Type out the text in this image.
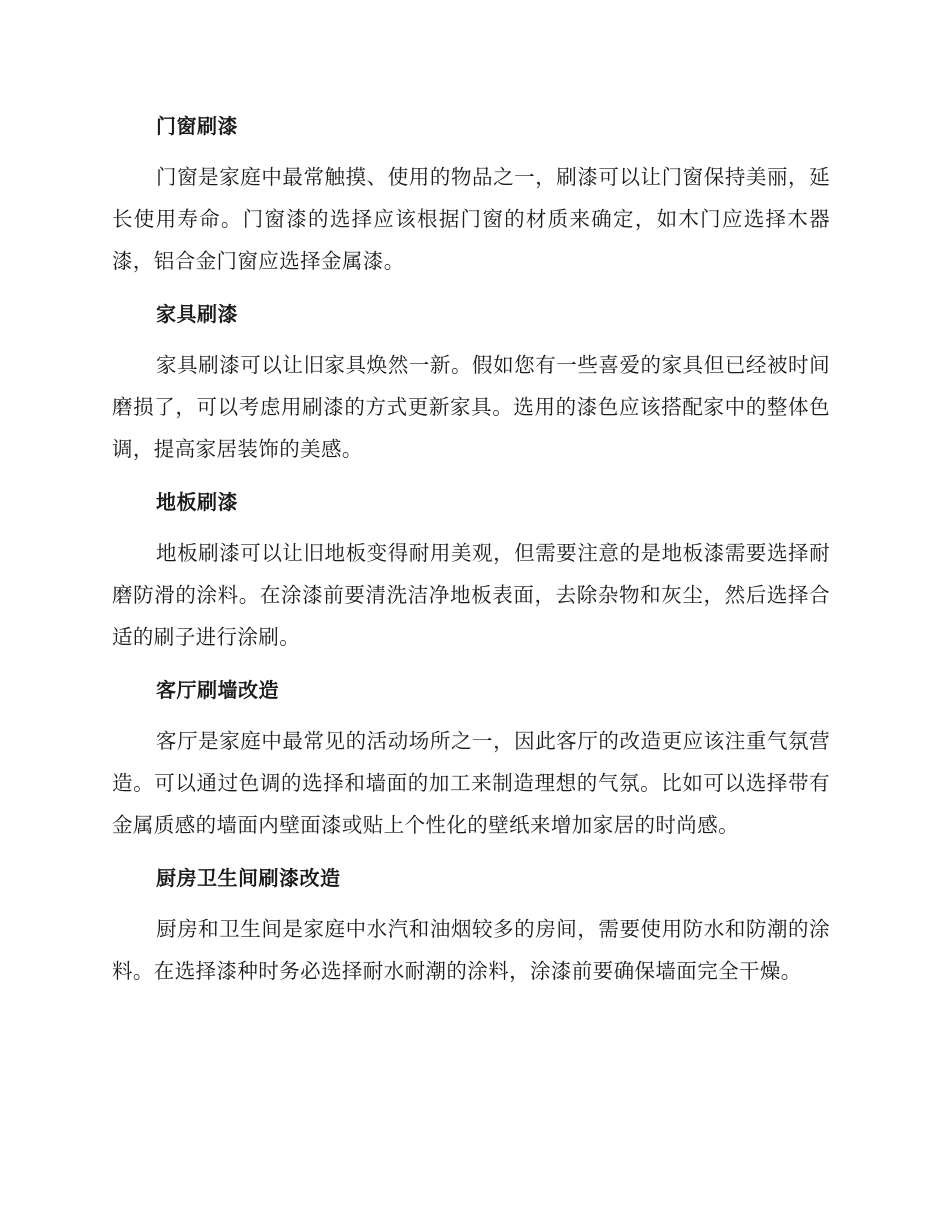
门窗刷漆

门窗是家庭中最常触摸、使用的物品之一，刷漆可以让门窗保持美丽，延长使用寿命。门窗漆的选择应该根据门窗的材质来确定，如木门应选择木器漆，铝合金门窗应选择金属漆。

家具刷漆

家具刷漆可以让旧家具焕然一新。假如您有一些喜爱的家具但已经被时间磨损了，可以考虑用刷漆的方式更新家具。选用的漆色应该搭配家中的整体色调，提高家居装饰的美感。

地板刷漆

地板刷漆可以让旧地板变得耐用美观，但需要注意的是地板漆需要选择耐磨防滑的涂料。在涂漆前要清洗洁净地板表面，去除杂物和灰尘，然后选择合适的刷子进行涂刷。

客厅刷墙改造

客厅是家庭中最常见的活动场所之一，因此客厅的改造更应该注重气氛营造。可以通过色调的选择和墙面的加工来制造理想的气氛。比如可以选择带有金属质感的墙面内壁面漆或贴上个性化的壁纸来增加家居的时尚感。

厨房卫生间刷漆改造

厨房和卫生间是家庭中水汽和油烟较多的房间，需要使用防水和防潮的涂料。在选择漆种时务必选择耐水耐潮的涂料，涂漆前要确保墙面完全干燥。
